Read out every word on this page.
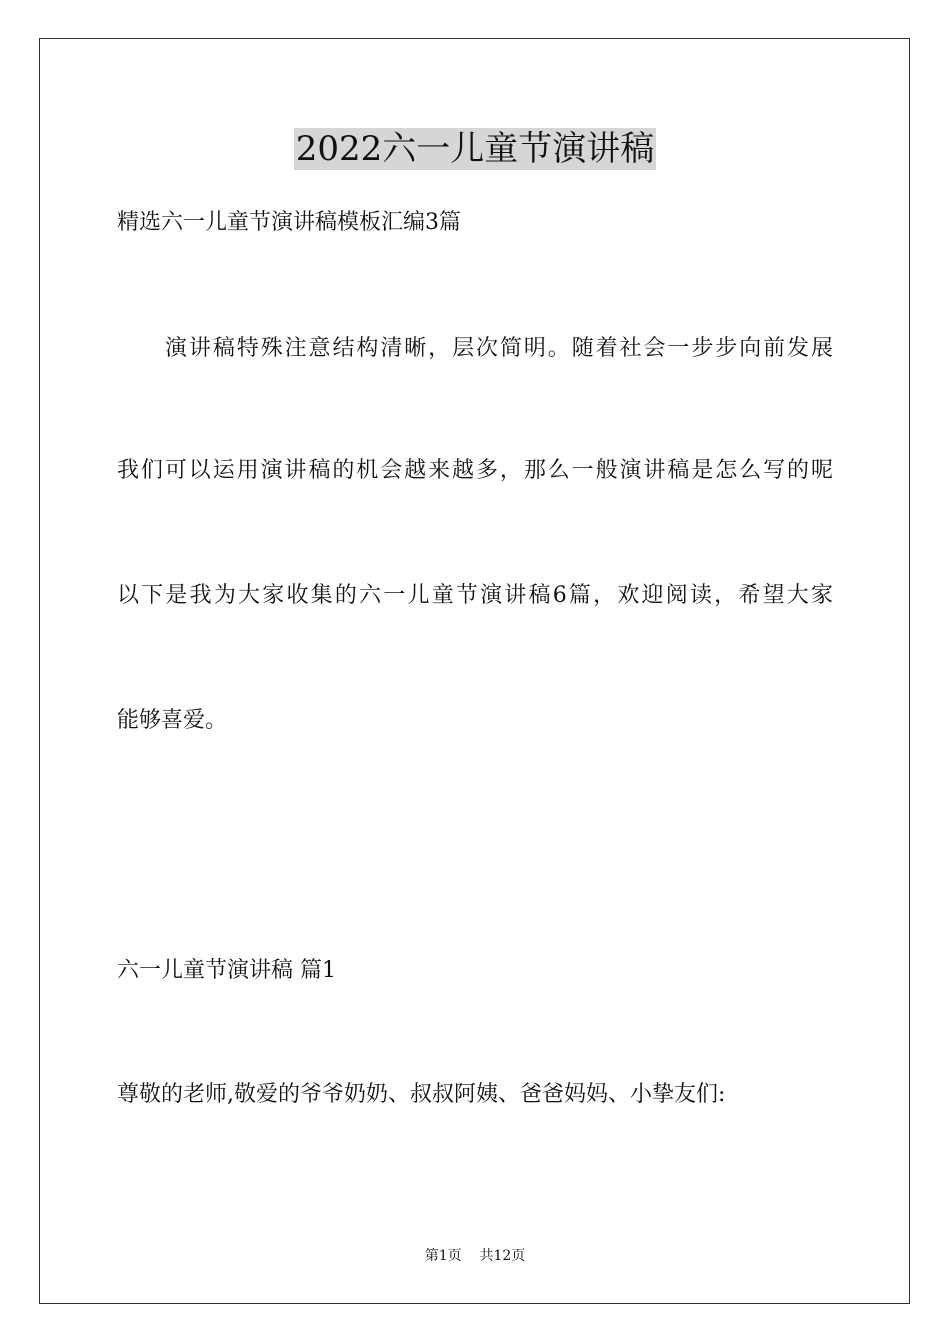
2022六一儿童节演讲稿
精选六一儿童节演讲稿模板汇编3篇
演讲稿特殊注意结构清晰，层次简明。随着社会一步步向前发展
我们可以运用演讲稿的机会越来越多，那么一般演讲稿是怎么写的呢
以下是我为大家收集的六一儿童节演讲稿6篇，欢迎阅读，希望大家
能够喜爱。
六一儿童节演讲稿 篇1
尊敬的老师,敬爱的爷爷奶奶、叔叔阿姨、爸爸妈妈、小挚友们:
第1页 共12页
